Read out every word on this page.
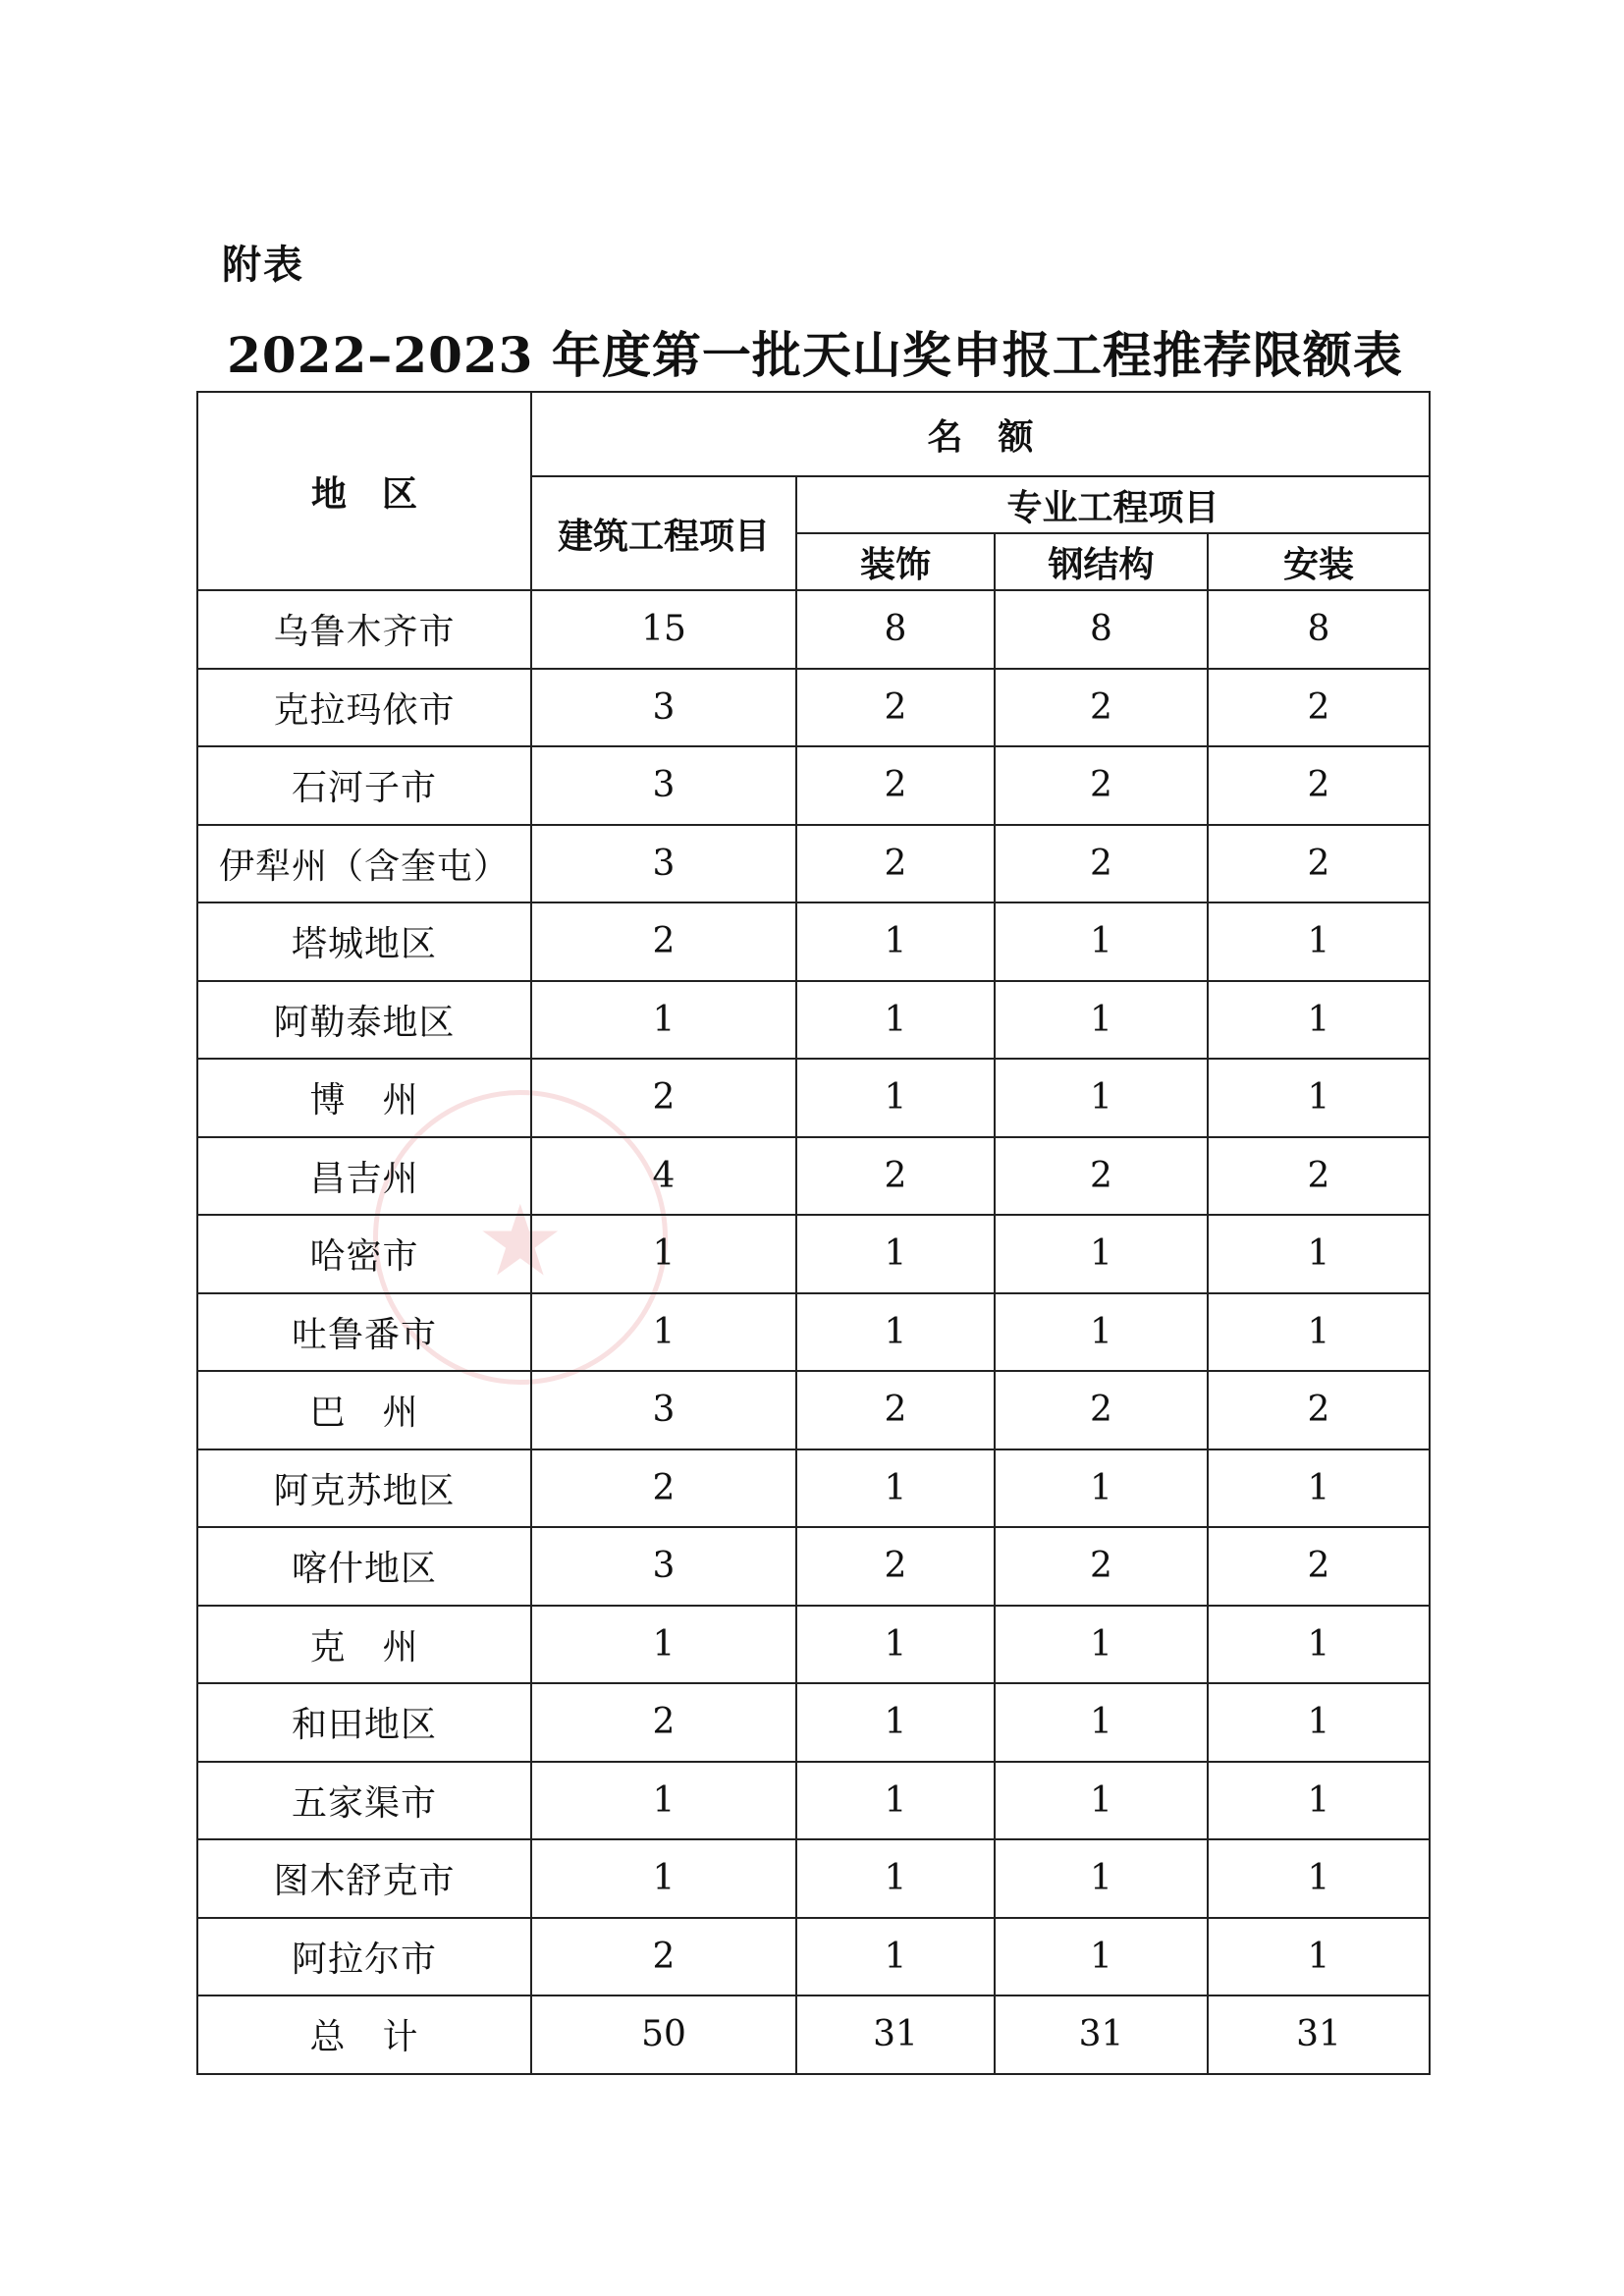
附表
2022–2023 年度第一批天山奖申报工程推荐限额表
★
地　区	名　额			
	建筑工程项目	专业工程项目		
		装饰	钢结构	安装
乌鲁木齐市	15	8	8	8
克拉玛依市	3	2	2	2
石河子市	3	2	2	2
伊犁州（含奎屯）	3	2	2	2
塔城地区	2	1	1	1
阿勒泰地区	1	1	1	1
博　州	2	1	1	1
昌吉州	4	2	2	2
哈密市	1	1	1	1
吐鲁番市	1	1	1	1
巴　州	3	2	2	2
阿克苏地区	2	1	1	1
喀什地区	3	2	2	2
克　州	1	1	1	1
和田地区	2	1	1	1
五家渠市	1	1	1	1
图木舒克市	1	1	1	1
阿拉尔市	2	1	1	1
总　计	50	31	31	31
